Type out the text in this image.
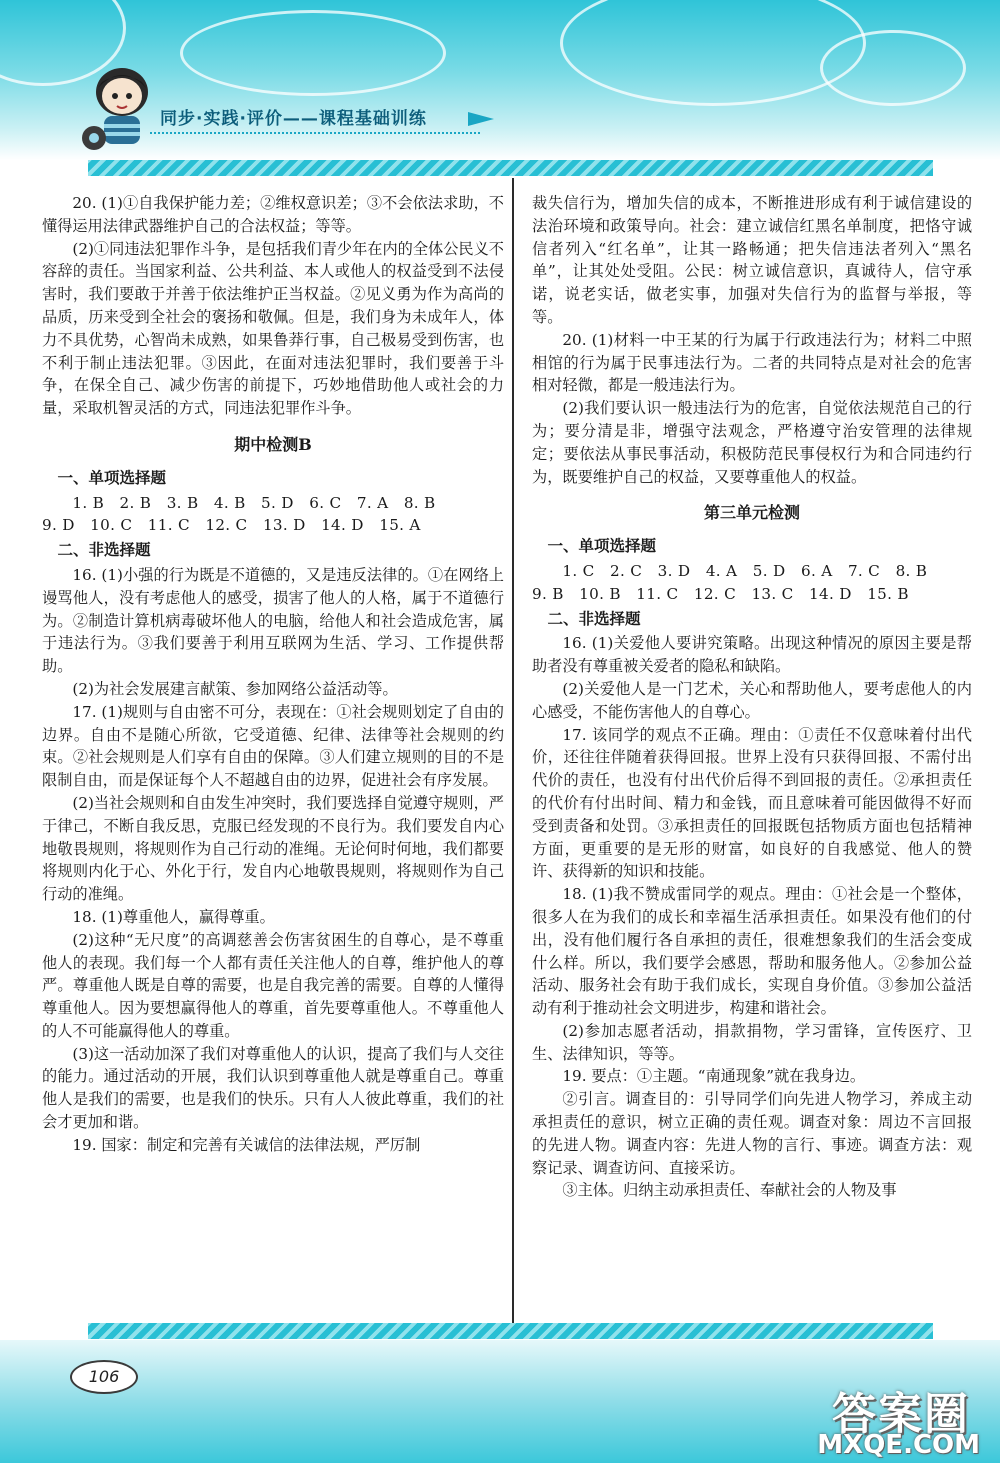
同步·实践·评价——课程基础训练

20. (1)①自我保护能力差；②维权意识差；③不会依法求助，不懂得运用法律武器维护自己的合法权益；等等。

(2)①同违法犯罪作斗争，是包括我们青少年在内的全体公民义不容辞的责任。当国家利益、公共利益、本人或他人的权益受到不法侵害时，我们要敢于并善于依法维护正当权益。②见义勇为作为高尚的品质，历来受到全社会的褒扬和敬佩。但是，我们身为未成年人，体力不具优势，心智尚未成熟，如果鲁莽行事，自己极易受到伤害，也不利于制止违法犯罪。③因此，在面对违法犯罪时，我们要善于斗争，在保全自己、减少伤害的前提下，巧妙地借助他人或社会的力量，采取机智灵活的方式，同违法犯罪作斗争。

期中检测B
一、单项选择题

1. B　2. B　3. B　4. B　5. D　6. C　7. A　8. B

9. D　10. C　11. C　12. C　13. D　14. D　15. A

二、非选择题

16. (1)小强的行为既是不道德的，又是违反法律的。①在网络上谩骂他人，没有考虑他人的感受，损害了他人的人格，属于不道德行为。②制造计算机病毒破坏他人的电脑，给他人和社会造成危害，属于违法行为。③我们要善于利用互联网为生活、学习、工作提供帮助。

(2)为社会发展建言献策、参加网络公益活动等。

17. (1)规则与自由密不可分，表现在：①社会规则划定了自由的边界。自由不是随心所欲，它受道德、纪律、法律等社会规则的约束。②社会规则是人们享有自由的保障。③人们建立规则的目的不是限制自由，而是保证每个人不超越自由的边界，促进社会有序发展。

(2)当社会规则和自由发生冲突时，我们要选择自觉遵守规则，严于律己，不断自我反思，克服已经发现的不良行为。我们要发自内心地敬畏规则，将规则作为自己行动的准绳。无论何时何地，我们都要将规则内化于心、外化于行，发自内心地敬畏规则，将规则作为自己行动的准绳。

18. (1)尊重他人，赢得尊重。

(2)这种“无尺度”的高调慈善会伤害贫困生的自尊心，是不尊重他人的表现。我们每一个人都有责任关注他人的自尊，维护他人的尊严。尊重他人既是自尊的需要，也是自我完善的需要。自尊的人懂得尊重他人。因为要想赢得他人的尊重，首先要尊重他人。不尊重他人的人不可能赢得他人的尊重。

(3)这一活动加深了我们对尊重他人的认识，提高了我们与人交往的能力。通过活动的开展，我们认识到尊重他人就是尊重自己。尊重他人是我们的需要，也是我们的快乐。只有人人彼此尊重，我们的社会才更加和谐。

19. 国家：制定和完善有关诚信的法律法规，严厉制

裁失信行为，增加失信的成本，不断推进形成有利于诚信建设的法治环境和政策导向。社会：建立诚信红黑名单制度，把恪守诚信者列入“红名单”，让其一路畅通；把失信违法者列入“黑名单”，让其处处受阻。公民：树立诚信意识，真诚待人，信守承诺，说老实话，做老实事，加强对失信行为的监督与举报，等等。

20. (1)材料一中王某的行为属于行政违法行为；材料二中照相馆的行为属于民事违法行为。二者的共同特点是对社会的危害相对轻微，都是一般违法行为。

(2)我们要认识一般违法行为的危害，自觉依法规范自己的行为；要分清是非，增强守法观念，严格遵守治安管理的法律规定；要依法从事民事活动，积极防范民事侵权行为和合同违约行为，既要维护自己的权益，又要尊重他人的权益。

第三单元检测
一、单项选择题

1. C　2. C　3. D　4. A　5. D　6. A　7. C　8. B

9. B　10. B　11. C　12. C　13. C　14. D　15. B

二、非选择题

16. (1)关爱他人要讲究策略。出现这种情况的原因主要是帮助者没有尊重被关爱者的隐私和缺陷。

(2)关爱他人是一门艺术，关心和帮助他人，要考虑他人的内心感受，不能伤害他人的自尊心。

17. 该同学的观点不正确。理由：①责任不仅意味着付出代价，还往往伴随着获得回报。世界上没有只获得回报、不需付出代价的责任，也没有付出代价后得不到回报的责任。②承担责任的代价有付出时间、精力和金钱，而且意味着可能因做得不好而受到责备和处罚。③承担责任的回报既包括物质方面也包括精神方面，更重要的是无形的财富，如良好的自我感觉、他人的赞许、获得新的知识和技能。

18. (1)我不赞成雷同学的观点。理由：①社会是一个整体，很多人在为我们的成长和幸福生活承担责任。如果没有他们的付出，没有他们履行各自承担的责任，很难想象我们的生活会变成什么样。所以，我们要学会感恩，帮助和服务他人。②参加公益活动、服务社会有助于我们成长，实现自身价值。③参加公益活动有利于推动社会文明进步，构建和谐社会。

(2)参加志愿者活动，捐款捐物，学习雷锋，宣传医疗、卫生、法律知识，等等。

19. 要点：①主题。“南通现象”就在我身边。

②引言。调查目的：引导同学们向先进人物学习，养成主动承担责任的意识，树立正确的责任观。调查对象：周边不言回报的先进人物。调查内容：先进人物的言行、事迹。调查方法：观察记录、调查访问、直接采访。

③主体。归纳主动承担责任、奉献社会的人物及事

106
答案圈
MXQE.COM
